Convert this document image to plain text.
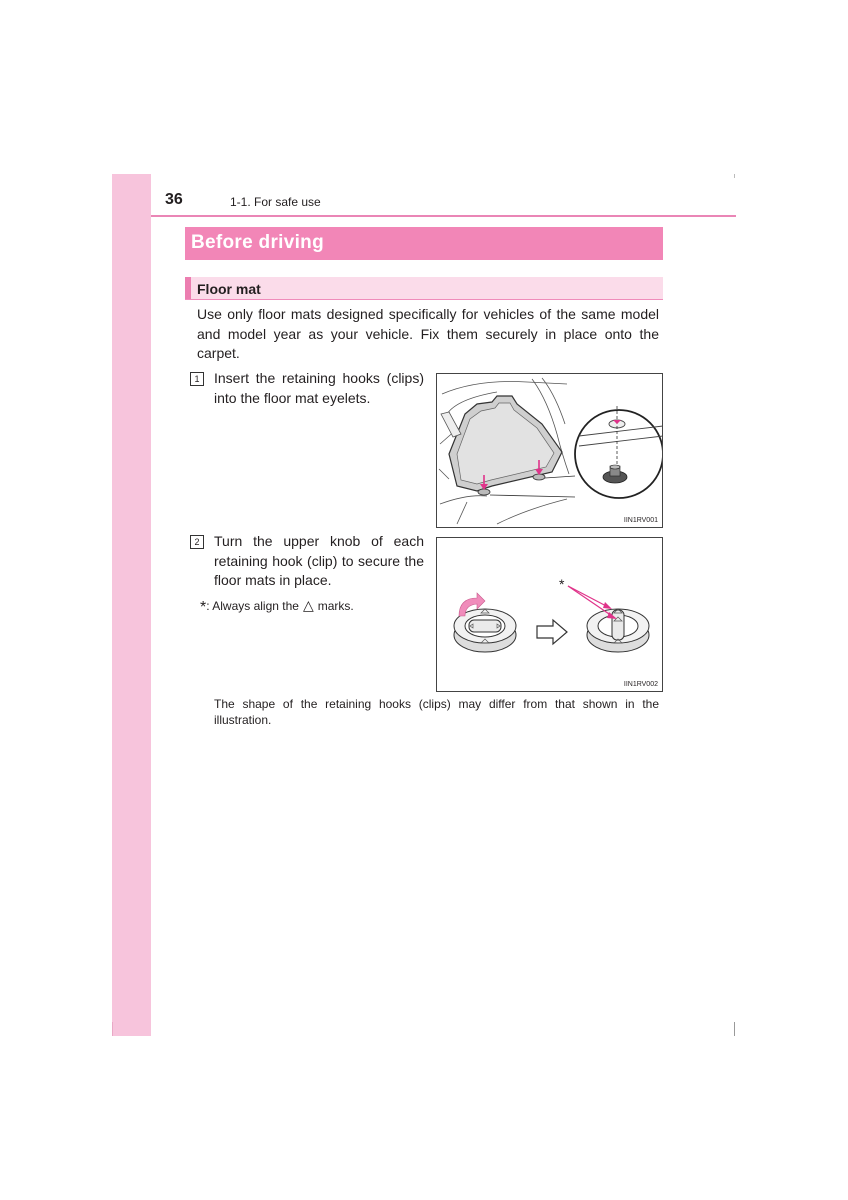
36	1-1. For safe use
Before driving
Floor mat
Use only floor mats designed specifically for vehicles of the same model and model year as your vehicle. Fix them securely in place onto the carpet.
1	Insert the retaining hooks (clips) into the floor mat eyelets.
2	Turn the upper knob of each retaining hook (clip) to secure the floor mats in place.
*: Always align the △ marks.
IIN1RV001
*
IIN1RV002
The shape of the retaining hooks (clips) may differ from that shown in the illustration.
